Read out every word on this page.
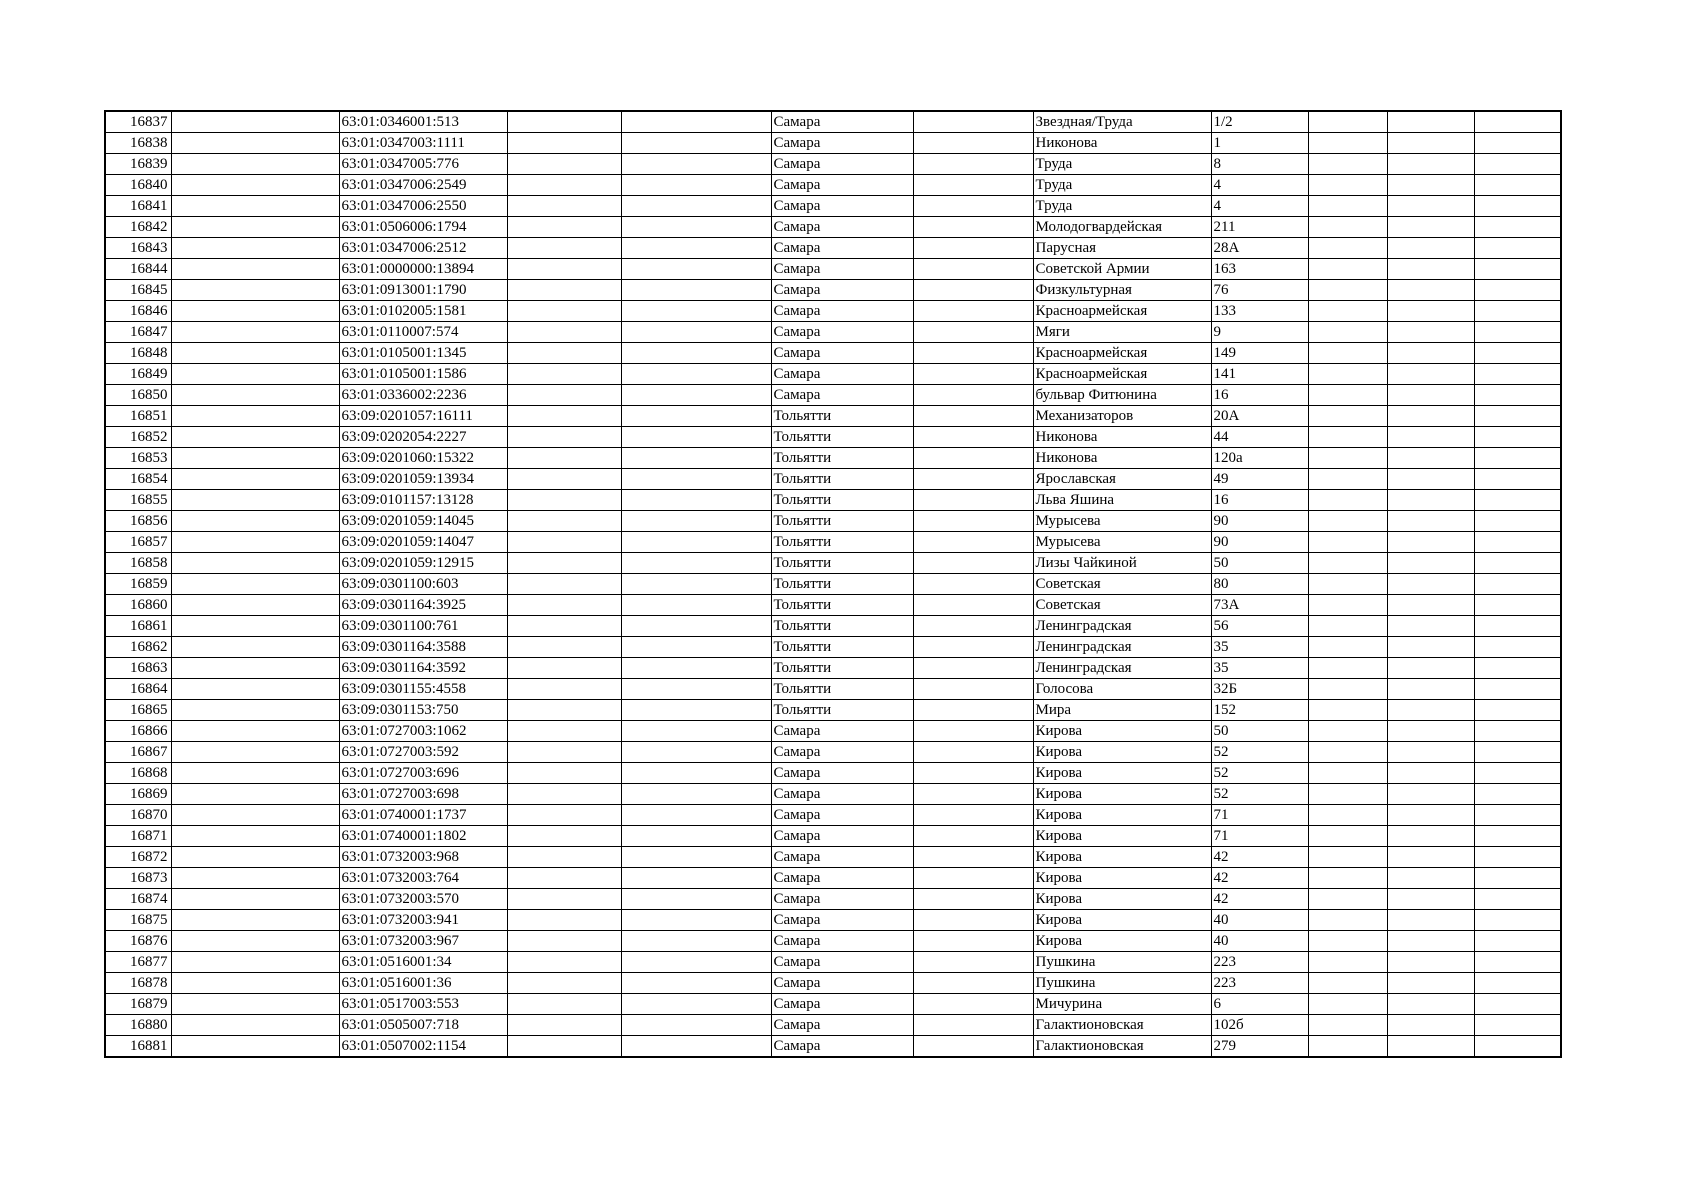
16837		63:01:0346001:513			Самара		Звездная/Труда	1/2			
16838		63:01:0347003:1111			Самара		Никонова	1			
16839		63:01:0347005:776			Самара		Труда	8			
16840		63:01:0347006:2549			Самара		Труда	4			
16841		63:01:0347006:2550			Самара		Труда	4			
16842		63:01:0506006:1794			Самара		Молодогвардейская	211			
16843		63:01:0347006:2512			Самара		Парусная	28А			
16844		63:01:0000000:13894			Самара		Советской Армии	163			
16845		63:01:0913001:1790			Самара		Физкультурная	76			
16846		63:01:0102005:1581			Самара		Красноармейская	133			
16847		63:01:0110007:574			Самара		Мяги	9			
16848		63:01:0105001:1345			Самара		Красноармейская	149			
16849		63:01:0105001:1586			Самара		Красноармейская	141			
16850		63:01:0336002:2236			Самара		бульвар Фитюнина	16			
16851		63:09:0201057:16111			Тольятти		Механизаторов	20А			
16852		63:09:0202054:2227			Тольятти		Никонова	44			
16853		63:09:0201060:15322			Тольятти		Никонова	120а			
16854		63:09:0201059:13934			Тольятти		Ярославская	49			
16855		63:09:0101157:13128			Тольятти		Льва Яшина	16			
16856		63:09:0201059:14045			Тольятти		Мурысева	90			
16857		63:09:0201059:14047			Тольятти		Мурысева	90			
16858		63:09:0201059:12915			Тольятти		Лизы Чайкиной	50			
16859		63:09:0301100:603			Тольятти		Советская	80			
16860		63:09:0301164:3925			Тольятти		Советская	73А			
16861		63:09:0301100:761			Тольятти		Ленинградская	56			
16862		63:09:0301164:3588			Тольятти		Ленинградская	35			
16863		63:09:0301164:3592			Тольятти		Ленинградская	35			
16864		63:09:0301155:4558			Тольятти		Голосова	32Б			
16865		63:09:0301153:750			Тольятти		Мира	152			
16866		63:01:0727003:1062			Самара		Кирова	50			
16867		63:01:0727003:592			Самара		Кирова	52			
16868		63:01:0727003:696			Самара		Кирова	52			
16869		63:01:0727003:698			Самара		Кирова	52			
16870		63:01:0740001:1737			Самара		Кирова	71			
16871		63:01:0740001:1802			Самара		Кирова	71			
16872		63:01:0732003:968			Самара		Кирова	42			
16873		63:01:0732003:764			Самара		Кирова	42			
16874		63:01:0732003:570			Самара		Кирова	42			
16875		63:01:0732003:941			Самара		Кирова	40			
16876		63:01:0732003:967			Самара		Кирова	40			
16877		63:01:0516001:34			Самара		Пушкина	223			
16878		63:01:0516001:36			Самара		Пушкина	223			
16879		63:01:0517003:553			Самара		Мичурина	6			
16880		63:01:0505007:718			Самара		Галактионовская	102б			
16881		63:01:0507002:1154			Самара		Галактионовская	279			
